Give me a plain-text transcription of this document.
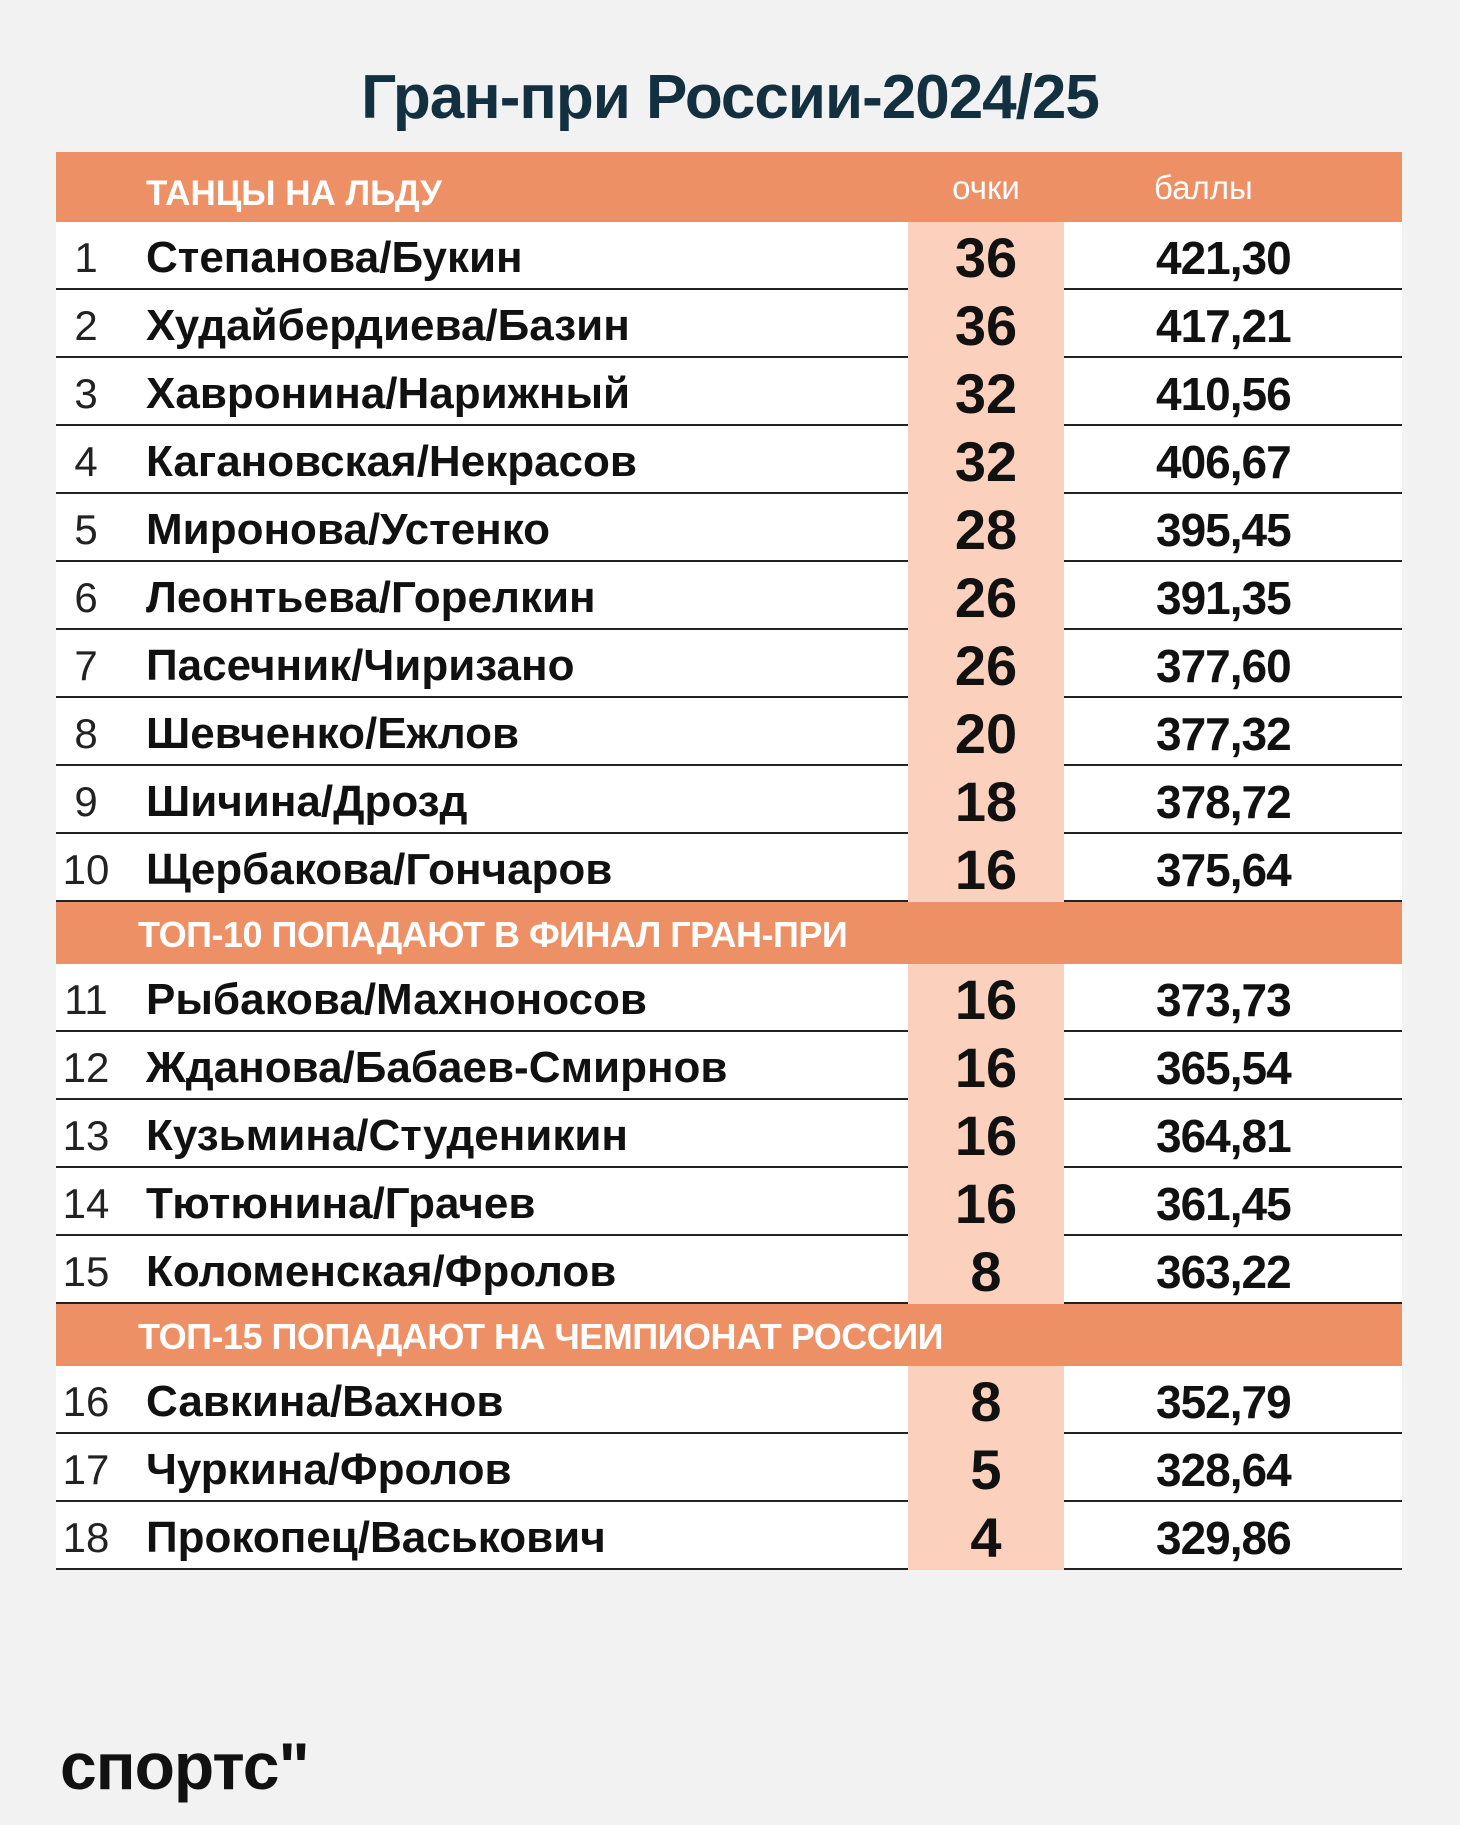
Гран-при России-2024/25
ТАНЦЫ НА ЛЬДУ	очки	баллы
1	Степанова/Букин	36	421,30
2	Худайбердиева/Базин	36	417,21
3	Хавронина/Нарижный	32	410,56
4	Кагановская/Некрасов	32	406,67
5	Миронова/Устенко	28	395,45
6	Леонтьева/Горелкин	26	391,35
7	Пасечник/Чиризано	26	377,60
8	Шевченко/Ежлов	20	377,32
9	Шичина/Дрозд	18	378,72
10 Щербакова/Гончаров	16	375,64
ТОП-10 ПОПАДАЮТ В ФИНАЛ ГРАН-ПРИ
11 Рыбакова/Махноносов	16	373,73
12 Жданова/Бабаев-Смирнов	16	365,54
13 Кузьмина/Студеникин	16	364,81
14 Тютюнина/Грачев	16	361,45
15 Коломенская/Фролов	8	363,22
ТОП-15 ПОПАДАЮТ НА ЧЕМПИОНАТ РОССИИ
16 Савкина/Вахнов	8	352,79
17 Чуркина/Фролов	5	328,64
18 Прокопец/Васькович	4	329,86
спортс"
